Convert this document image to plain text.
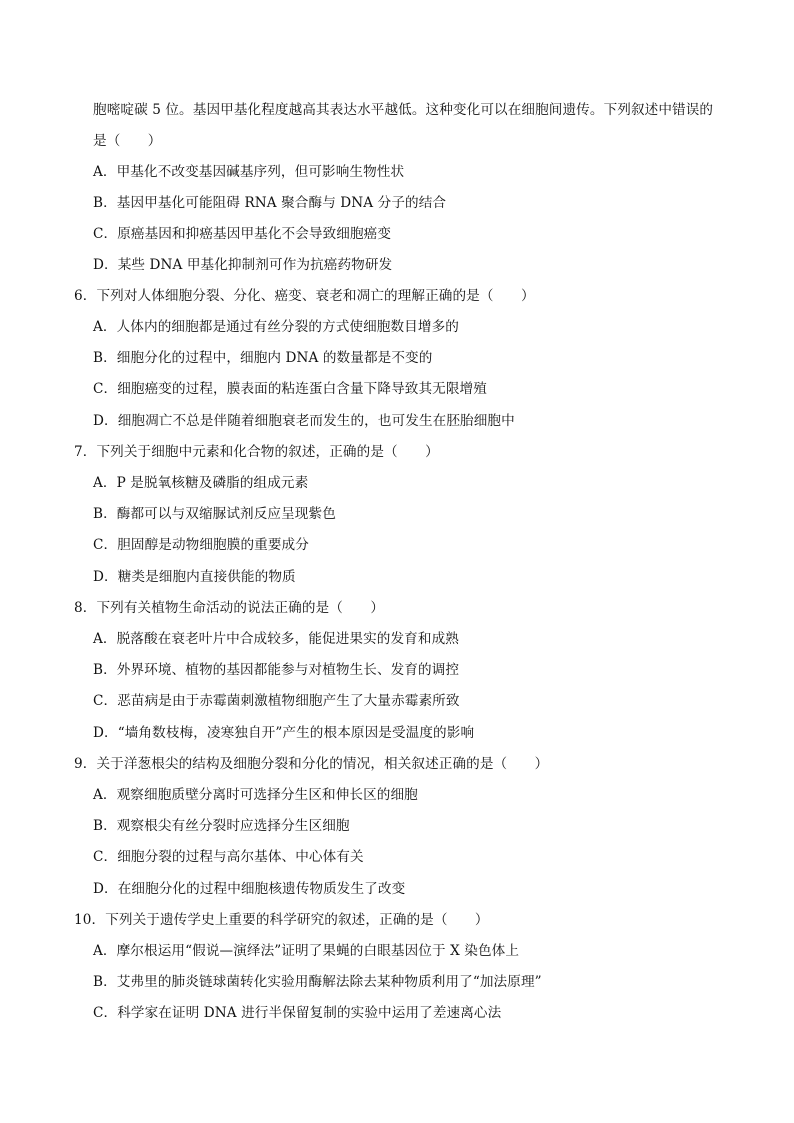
胞嘧啶碳 5 位。基因甲基化程度越高其表达水平越低。这种变化可以在细胞间遗传。下列叙述中错误的
是（　　）
A．甲基化不改变基因碱基序列，但可影响生物性状
B．基因甲基化可能阻碍 RNA 聚合酶与 DNA 分子的结合
C．原癌基因和抑癌基因甲基化不会导致细胞癌变
D．某些 DNA 甲基化抑制剂可作为抗癌药物研发
6．下列对人体细胞分裂、分化、癌变、衰老和凋亡的理解正确的是（　　）
A．人体内的细胞都是通过有丝分裂的方式使细胞数目增多的
B．细胞分化的过程中，细胞内 DNA 的数量都是不变的
C．细胞癌变的过程，膜表面的粘连蛋白含量下降导致其无限增殖
D．细胞凋亡不总是伴随着细胞衰老而发生的，也可发生在胚胎细胞中
7．下列关于细胞中元素和化合物的叙述，正确的是（　　）
A．P 是脱氧核糖及磷脂的组成元素
B．酶都可以与双缩脲试剂反应呈现紫色
C．胆固醇是动物细胞膜的重要成分
D．糖类是细胞内直接供能的物质
8．下列有关植物生命活动的说法正确的是（　　）
A．脱落酸在衰老叶片中合成较多，能促进果实的发育和成熟
B．外界环境、植物的基因都能参与对植物生长、发育的调控
C．恶苗病是由于赤霉菌刺激植物细胞产生了大量赤霉素所致
D．“墙角数枝梅，凌寒独自开”产生的根本原因是受温度的影响
9．关于洋葱根尖的结构及细胞分裂和分化的情况，相关叙述正确的是（　　）
A．观察细胞质壁分离时可选择分生区和伸长区的细胞
B．观察根尖有丝分裂时应选择分生区细胞
C．细胞分裂的过程与高尔基体、中心体有关
D．在细胞分化的过程中细胞核遗传物质发生了改变
10．下列关于遗传学史上重要的科学研究的叙述，正确的是（　　）
A．摩尔根运用“假说—演绎法”证明了果蝇的白眼基因位于 X 染色体上
B．艾弗里的肺炎链球菌转化实验用酶解法除去某种物质利用了“加法原理”
C．科学家在证明 DNA 进行半保留复制的实验中运用了差速离心法
